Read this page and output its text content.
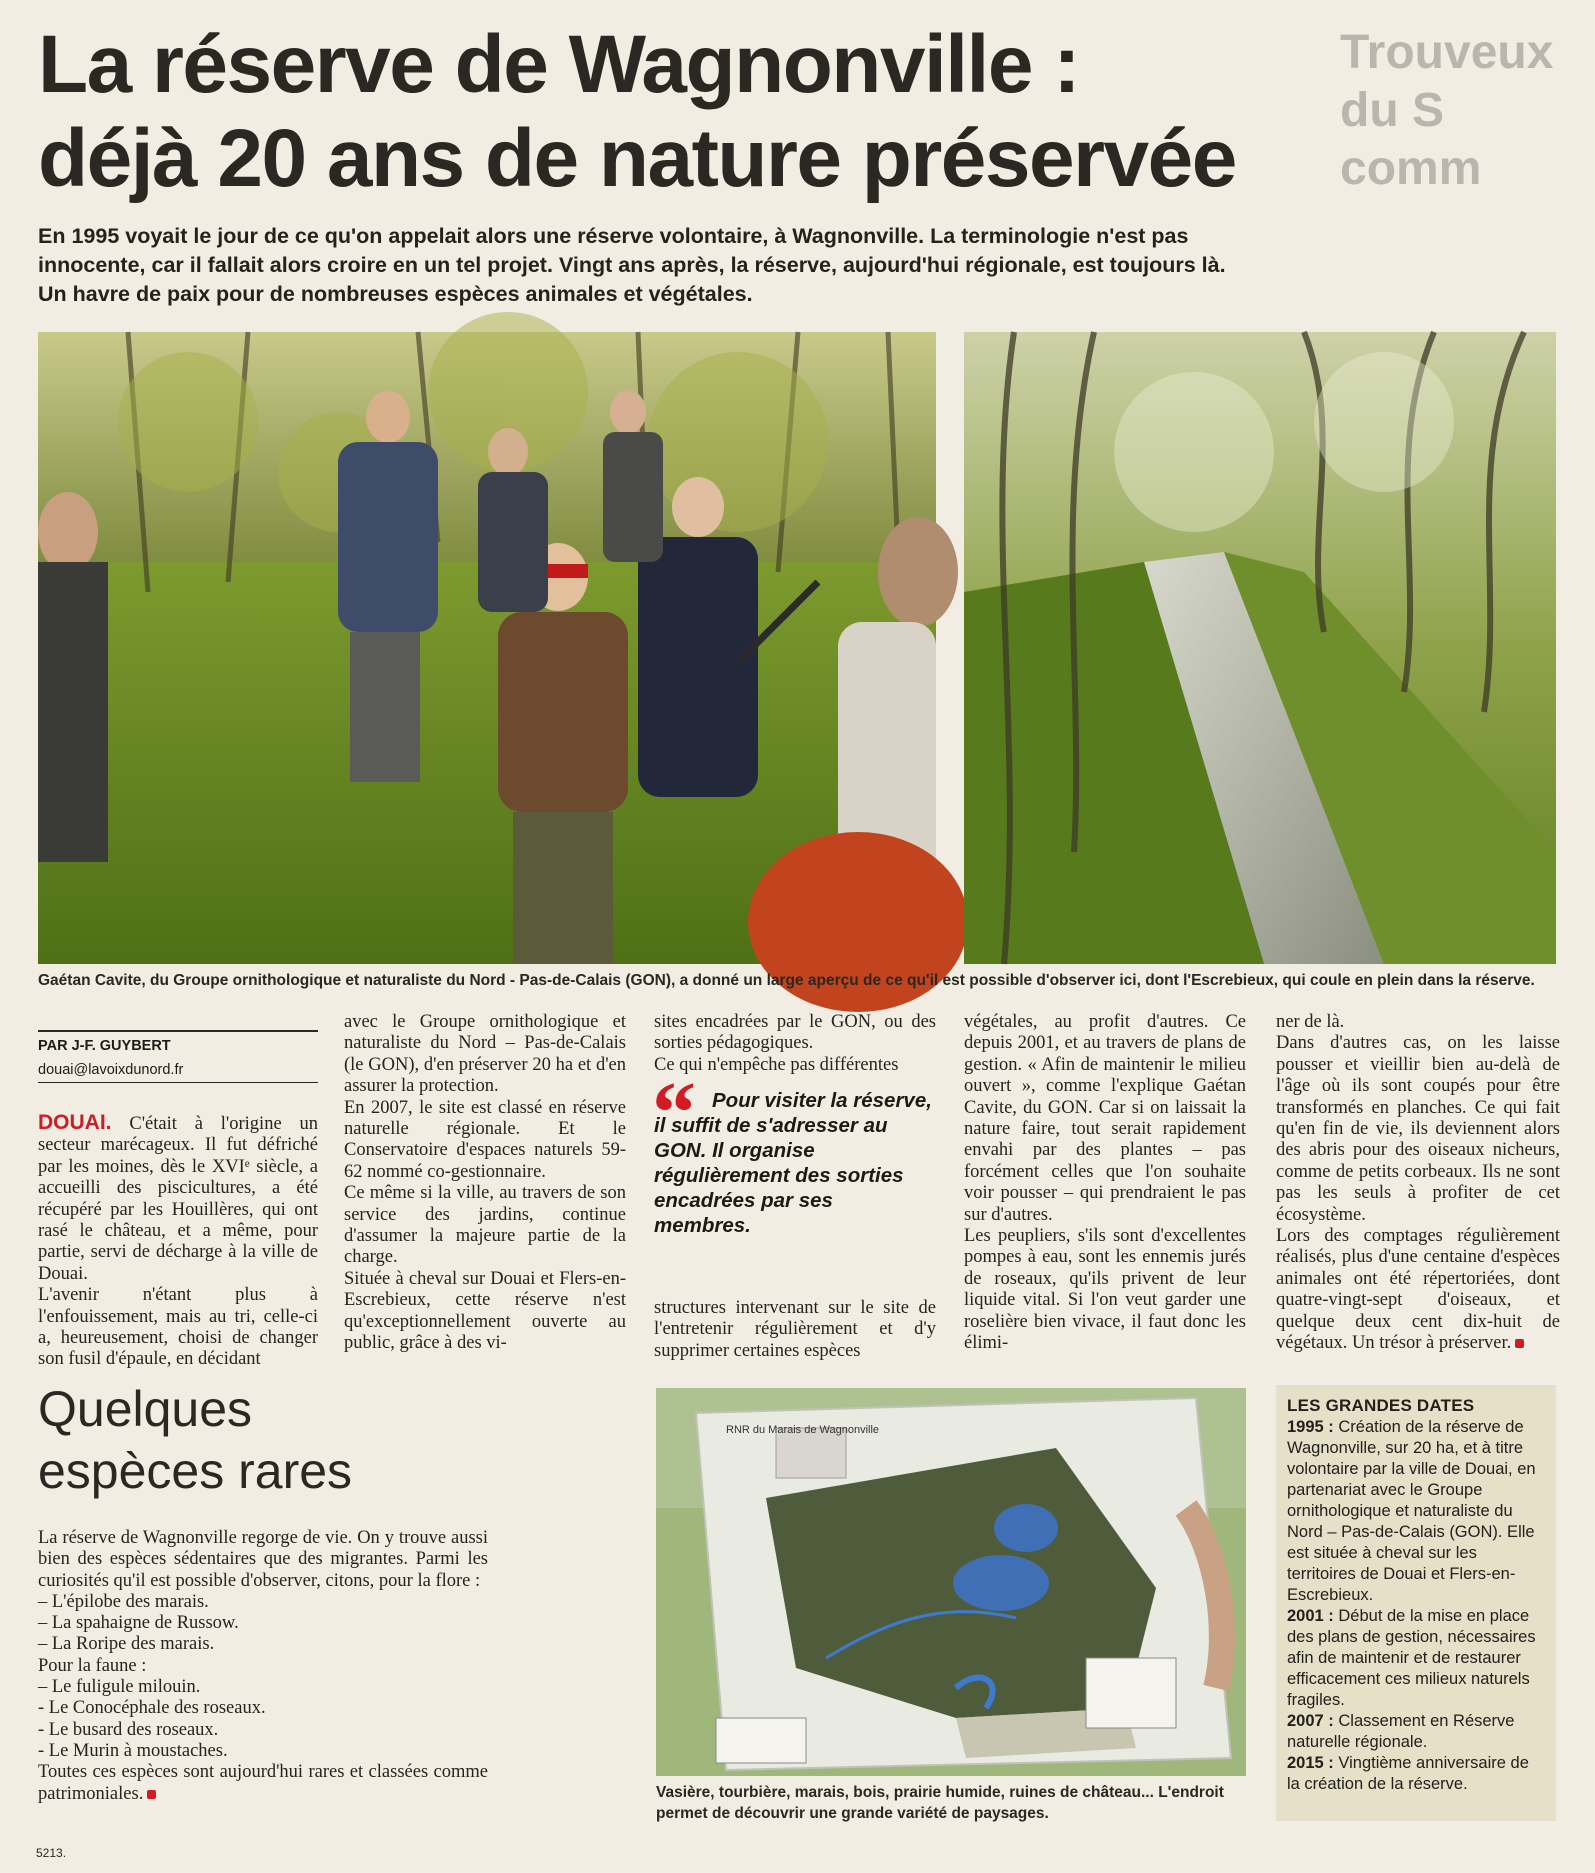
La réserve de Wagnonville :
déjà 20 ans de nature préservée
Trouveux du S
comm
En 1995 voyait le jour de ce qu'on appelait alors une réserve volontaire, à Wagnonville. La terminologie n'est pas innocente, car il fallait alors croire en un tel projet. Vingt ans après, la réserve, aujourd'hui régionale, est toujours là. Un havre de paix pour de nombreuses espèces animales et végétales.
Gaétan Cavite, du Groupe ornithologique et naturaliste du Nord - Pas-de-Calais (GON), a donné un large aperçu de ce qu'il est possible d'observer ici, dont l'Escrebieux, qui coule en plein dans la réserve.
PAR J-F. GUYBERT
douai@lavoixdunord.fr

DOUAI. C'était à l'origine un secteur marécageux. Il fut défriché par les moines, dès le XVIᵉ siècle, a accueilli des piscicultures, a été récupéré par les Houillères, qui ont rasé le château, et a même, pour partie, servi de décharge à la ville de Douai.

L'avenir n'étant plus à l'enfouissement, mais au tri, celle-ci a, heureusement, choisi de changer son fusil d'épaule, en décidant

avec le Groupe ornithologique et naturaliste du Nord – Pas-de-Calais (le GON), d'en préserver 20 ha et d'en assurer la protection.

En 2007, le site est classé en réserve naturelle régionale. Et le Conservatoire d'espaces naturels 59-62 nommé co-gestionnaire.

Ce même si la ville, au travers de son service des jardins, continue d'assumer la majeure partie de la charge.

Située à cheval sur Douai et Flers-en-Escrebieux, cette réserve n'est qu'exceptionnellement ouverte au public, grâce à des vi-

sites encadrées par le GON, ou des sorties pédagogiques.

Ce qui n'empêche pas différentes

“ Pour visiter la réserve, il suffit de s'adresser au GON. Il organise régulièrement des sorties encadrées par ses membres.

structures intervenant sur le site de l'entretenir régulièrement et d'y supprimer certaines espèces

végétales, au profit d'autres. Ce depuis 2001, et au travers de plans de gestion. « Afin de maintenir le milieu ouvert », comme l'explique Gaétan Cavite, du GON. Car si on laissait la nature faire, tout serait rapidement envahi par des plantes – pas forcément celles que l'on souhaite voir pousser – qui prendraient le pas sur d'autres.

Les peupliers, s'ils sont d'excellentes pompes à eau, sont les ennemis jurés de roseaux, qu'ils privent de leur liquide vital. Si l'on veut garder une roselière bien vivace, il faut donc les élimi-

ner de là.

Dans d'autres cas, on les laisse pousser et vieillir bien au-delà de l'âge où ils sont coupés pour être transformés en planches. Ce qui fait qu'en fin de vie, ils deviennent alors des abris pour des oiseaux nicheurs, comme de petits corbeaux. Ils ne sont pas les seuls à profiter de cet écosystème.

Lors des comptages régulièrement réalisés, plus d'une centaine d'espèces animales ont été répertoriées, dont quatre-vingt-sept d'oiseaux, et quelque deux cent dix-huit de végétaux. Un trésor à préserver.

Quelques
espèces rares

La réserve de Wagnonville regorge de vie. On y trouve aussi bien des espèces sédentaires que des migrantes. Parmi les curiosités qu'il est possible d'observer, citons, pour la flore :

– L'épilobe des marais.
– La spahaigne de Russow.
– La Roripe des marais.
Pour la faune :
– Le fuligule milouin.
- Le Conocéphale des roseaux.
- Le busard des roseaux.
- Le Murin à moustaches.

Toutes ces espèces sont aujourd'hui rares et classées comme patrimoniales.

RNR du Marais de Wagnonville
Vasière, tourbière, marais, bois, prairie humide, ruines de château... L'endroit permet de découvrir une grande variété de paysages.
LES GRANDES DATES
1995 : Création de la réserve de Wagnonville, sur 20 ha, et à titre volontaire par la ville de Douai, en partenariat avec le Groupe ornithologique et naturaliste du Nord – Pas-de-Calais (GON). Elle est située à cheval sur les territoires de Douai et Flers-en-Escrebieux.
2001 : Début de la mise en place des plans de gestion, nécessaires afin de maintenir et de restaurer efficacement ces milieux naturels fragiles.
2007 : Classement en Réserve naturelle régionale.
2015 : Vingtième anniversaire de la création de la réserve.
5213.
